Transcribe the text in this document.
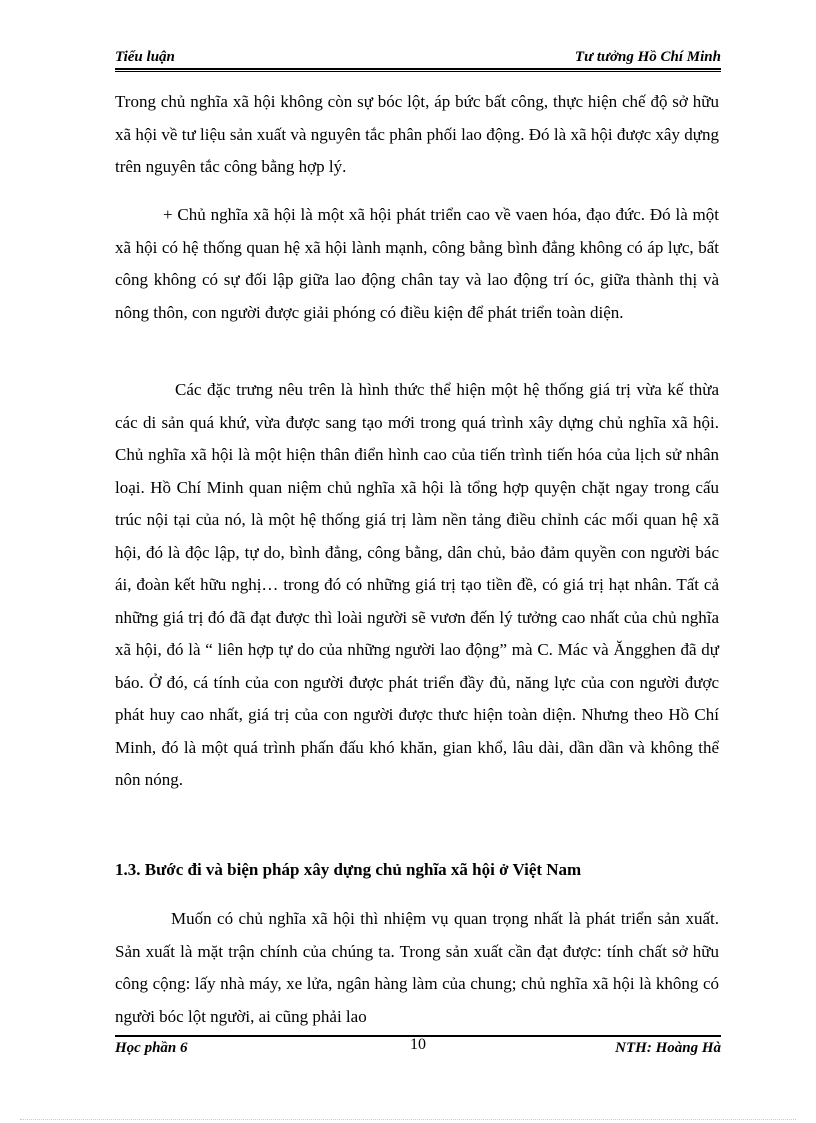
Tiểu luận	Tư tưởng Hồ Chí Minh

Trong chủ nghĩa xã hội không còn sự bóc lột, áp bức bất công, thực hiện chế độ sở hữu xã hội về tư liệu sản xuất và nguyên tắc phân phối lao động. Đó là xã hội được xây dựng trên nguyên tắc công bằng hợp lý.

+ Chủ nghĩa xã hội là một xã hội phát triển cao về vaen hóa, đạo đức. Đó là một xã hội có hệ thống quan hệ xã hội lành mạnh, công bằng bình đẳng không có áp lực, bất công không có sự đối lập giữa lao động chân tay và lao động trí óc, giữa thành thị và nông thôn, con người được giải phóng có điều kiện để phát triển toàn diện.

Các đặc trưng nêu trên là hình thức thể hiện một hệ thống giá trị vừa kế thừa các di sản quá khứ, vừa được sang tạo mới trong quá trình xây dựng chủ nghĩa xã hội. Chủ nghĩa xã hội là một hiện thân điển hình cao của tiến trình tiến hóa của lịch sử nhân loại. Hồ Chí Minh quan niệm chủ nghĩa xã hội là tổng hợp quyện chặt ngay trong cấu trúc nội tại của nó, là một hệ thống giá trị làm nền tảng điều chỉnh các mối quan hệ xã hội, đó là độc lập, tự do, bình đẳng, công bằng, dân chủ, bảo đảm quyền con người bác ái, đoàn kết hữu nghị… trong đó có những giá trị tạo tiền đề, có giá trị hạt nhân. Tất cả những giá trị đó đã đạt được thì loài người sẽ vươn đến lý tưởng cao nhất của chủ nghĩa xã hội, đó là “ liên hợp tự do của những người lao động” mà C. Mác và Ăngghen đã dự báo. Ở đó, cá tính của con người được phát triển đầy đủ, năng lực của con người được phát huy cao nhất, giá trị của con người được thưc hiện toàn diện. Nhưng theo Hồ Chí Minh, đó là một quá trình phấn đấu khó khăn, gian khổ, lâu dài, dần dần và không thể nôn nóng.

1.3. Bước đi và biện pháp xây dựng chủ nghĩa xã hội ở Việt Nam

Muốn có chủ nghĩa xã hội thì nhiệm vụ quan trọng nhất là phát triển sản xuất. Sản xuất là mặt trận chính của chúng ta. Trong sản xuất cần đạt được: tính chất sở hữu công cộng: lấy nhà máy, xe lửa, ngân hàng làm của chung; chủ nghĩa xã hội là không có người bóc lột người, ai cũng phải lao

Học phần 6	10	NTH: Hoàng Hà
